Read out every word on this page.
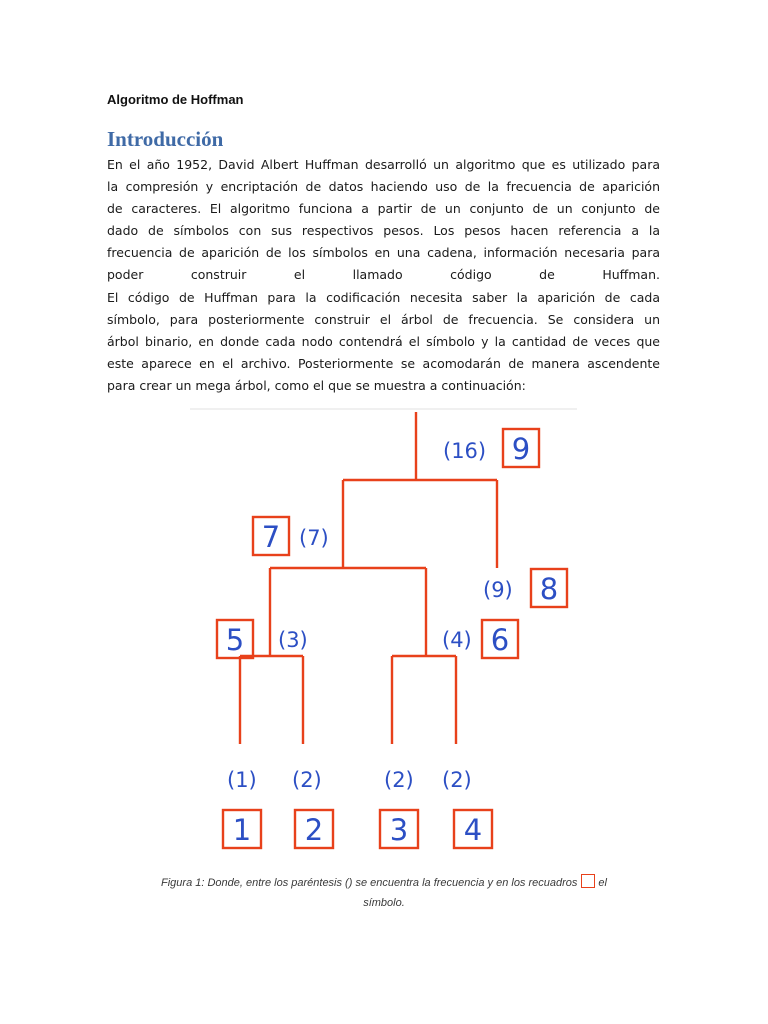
Algoritmo de Hoffman
Introducción
En el año 1952, David Albert Huffman desarrolló un algoritmo que es utilizado para
la compresión y encriptación de datos haciendo uso de la frecuencia de aparición
de caracteres. El algoritmo funciona a partir de un conjunto de un conjunto de
dado de símbolos con sus respectivos pesos. Los pesos hacen referencia a la
frecuencia de aparición de los símbolos en una cadena, información necesaria para
poder construir el llamado código de Huffman.
El código de Huffman para la codificación necesita saber la aparición de cada
símbolo, para posteriormente construir el árbol de frecuencia. Se considera un
árbol binario, en donde cada nodo contendrá el símbolo y la cantidad de veces que
este aparece en el archivo. Posteriormente se acomodarán de manera ascendente
para crear un mega árbol, como el que se muestra a continuación:
(16)
(7)
(9)
(3)	(4)
(1) (2)	(2) (2)
9
7
8
5	6
1 2 3 4

Figura 1: Donde, entre los paréntesis () se encuentra la frecuencia y en los recuadros el
símbolo.
